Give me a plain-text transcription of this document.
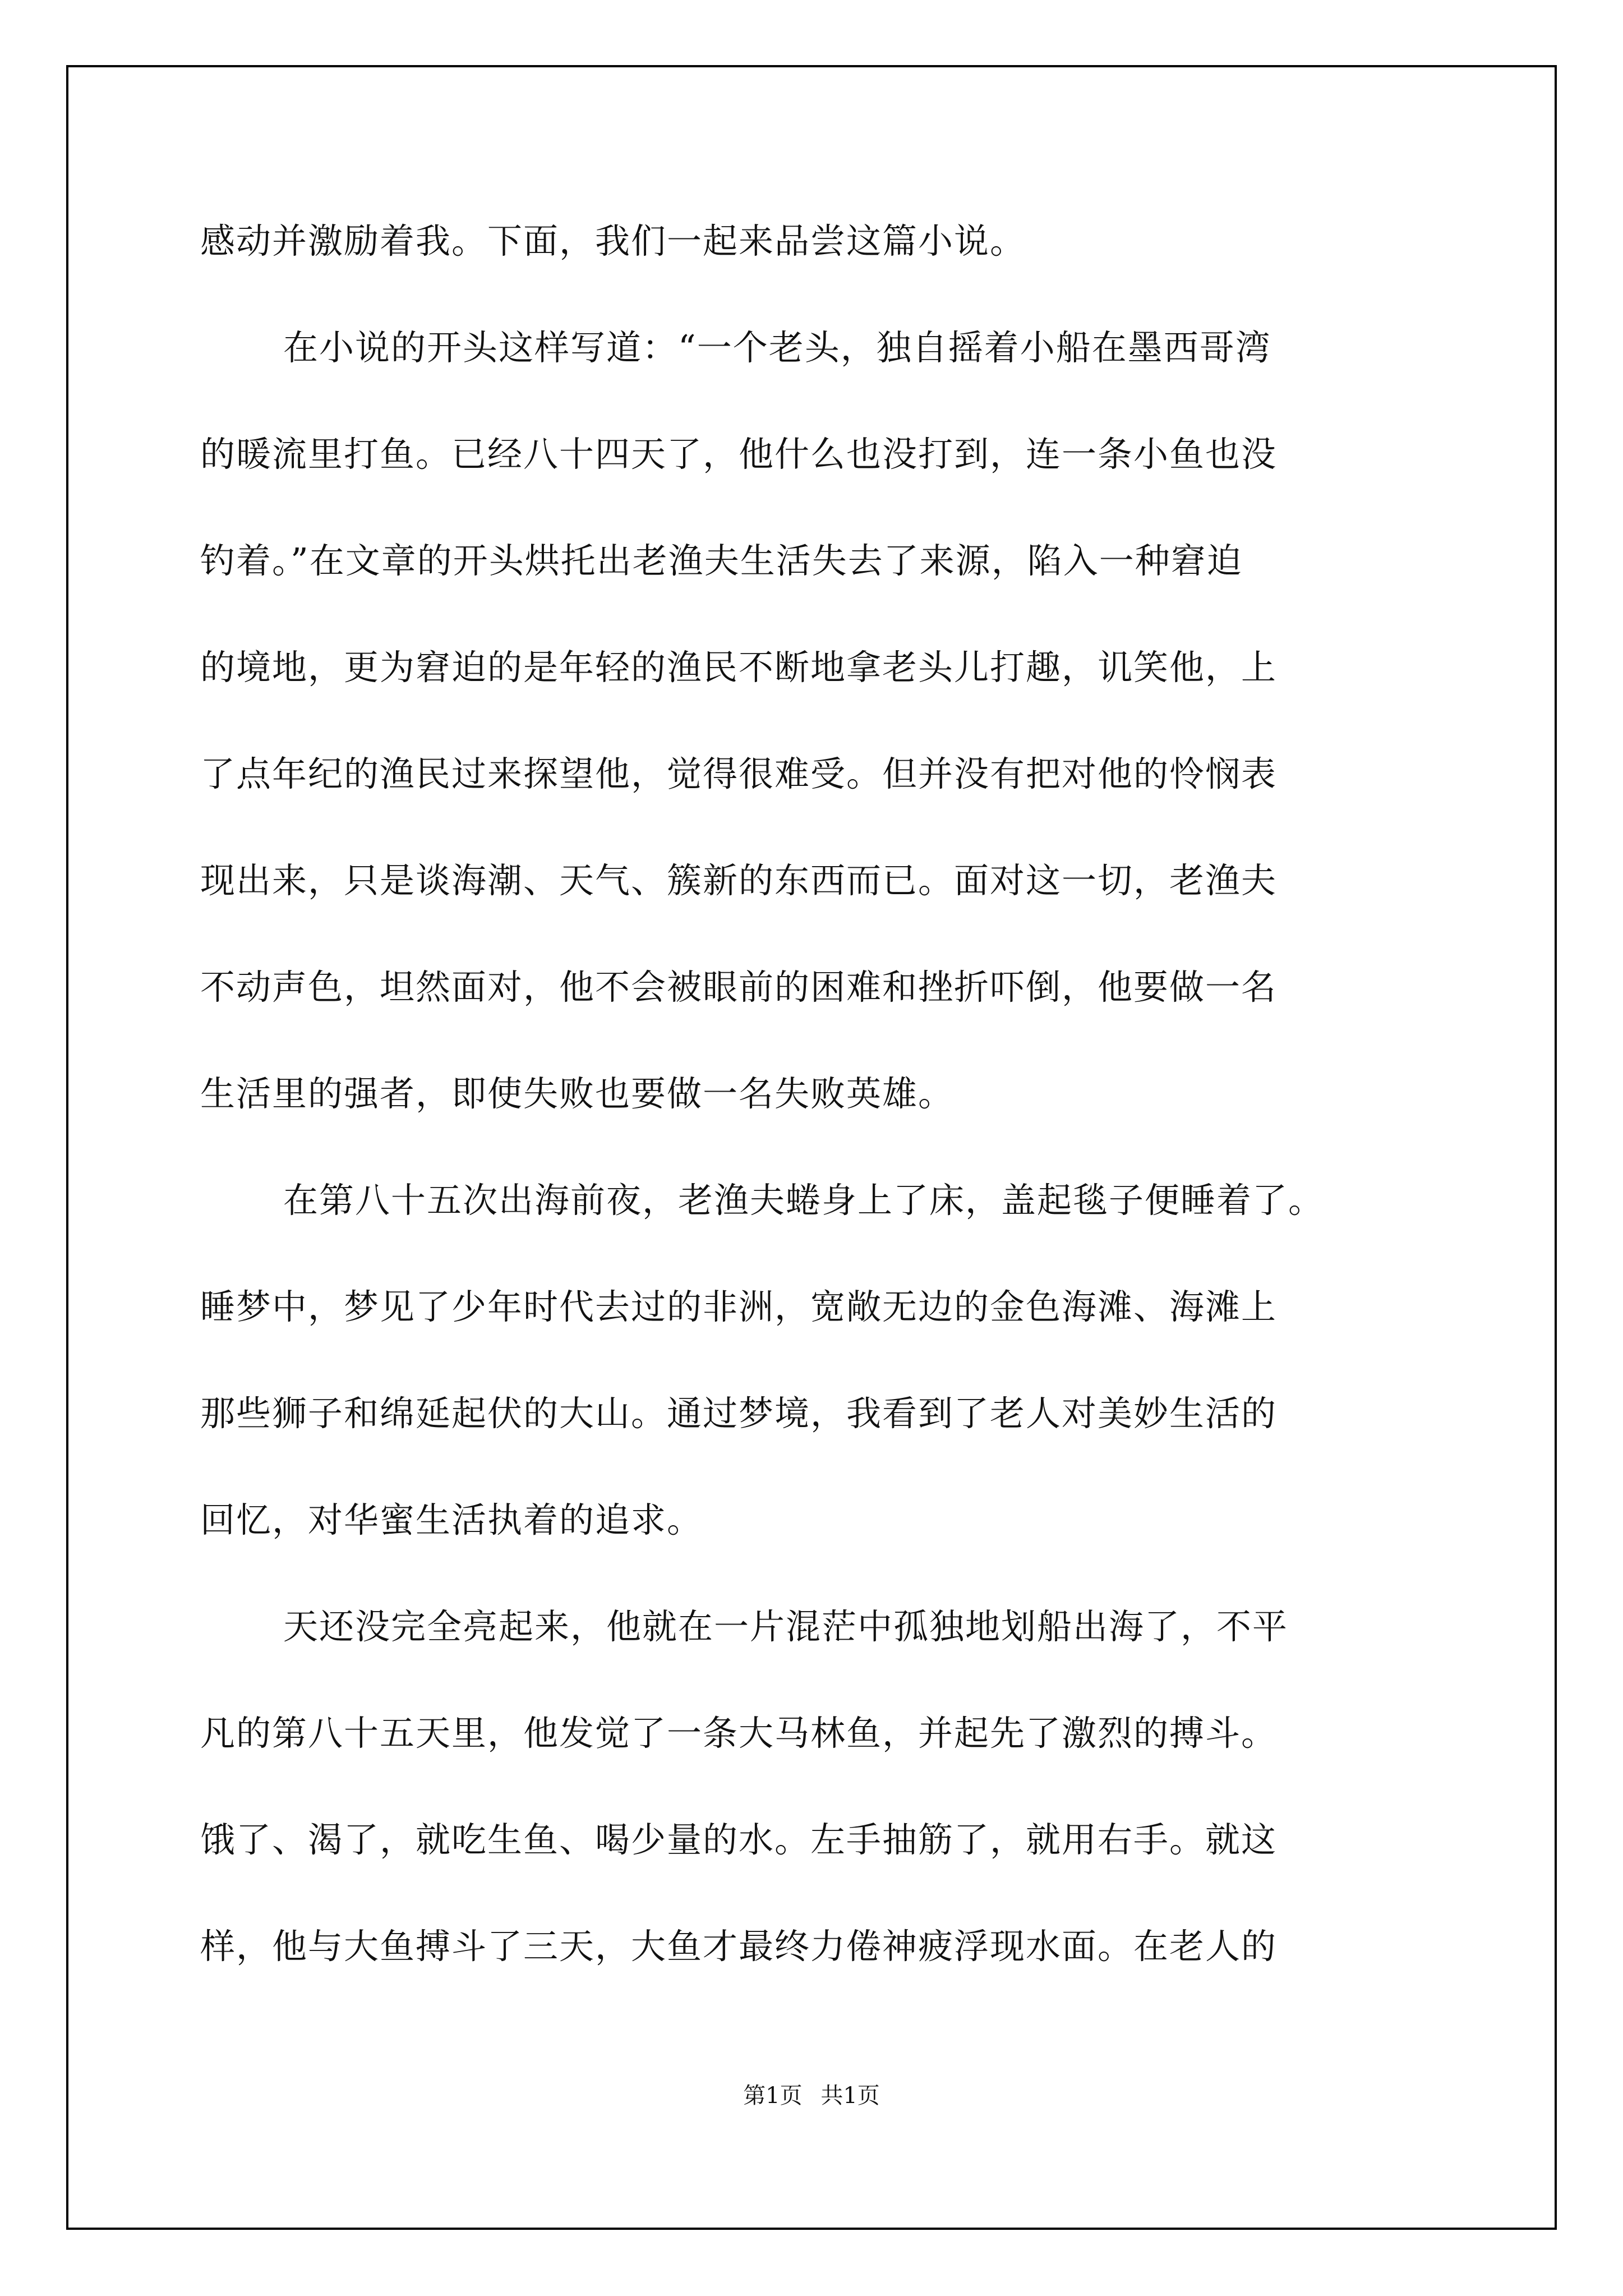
感动并激励着我。下面，我们一起来品尝这篇小说。
在小说的开头这样写道：“一个老头，独自摇着小船在墨西哥湾
的暖流里打鱼。已经八十四天了，他什么也没打到，连一条小鱼也没
钓着。”在文章的开头烘托出老渔夫生活失去了来源，陷入一种窘迫
的境地，更为窘迫的是年轻的渔民不断地拿老头儿打趣，讥笑他，上
了点年纪的渔民过来探望他，觉得很难受。但并没有把对他的怜悯表
现出来，只是谈海潮、天气、簇新的东西而已。面对这一切，老渔夫
不动声色，坦然面对，他不会被眼前的困难和挫折吓倒，他要做一名
生活里的强者，即使失败也要做一名失败英雄。
在第八十五次出海前夜，老渔夫蜷身上了床，盖起毯子便睡着了。
睡梦中，梦见了少年时代去过的非洲，宽敞无边的金色海滩、海滩上
那些狮子和绵延起伏的大山。通过梦境，我看到了老人对美妙生活的
回忆，对华蜜生活执着的追求。
天还没完全亮起来，他就在一片混茫中孤独地划船出海了，不平
凡的第八十五天里，他发觉了一条大马林鱼，并起先了激烈的搏斗。
饿了、渴了，就吃生鱼、喝少量的水。左手抽筋了，就用右手。就这
样，他与大鱼搏斗了三天，大鱼才最终力倦神疲浮现水面。在老人的
第1页 共1页
